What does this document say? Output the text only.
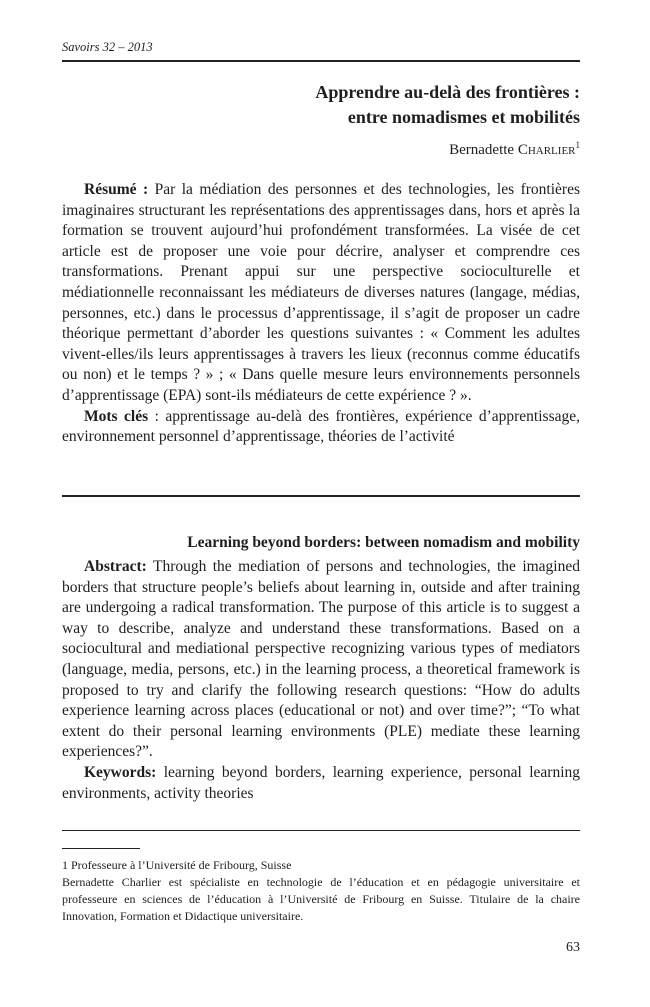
Savoirs 32 – 2013
Apprendre au-delà des frontières :
entre nomadismes et mobilités
Bernadette Charlier$^1$

Résumé : Par la médiation des personnes et des technologies, les frontières imaginaires structurant les représentations des apprentissages dans, hors et après la formation se trouvent aujourd’hui profondément transformées. La visée de cet article est de proposer une voie pour décrire, analyser et comprendre ces transformations. Prenant appui sur une perspective socioculturelle et médiationnelle reconnaissant les médiateurs de diverses natures (langage, médias, personnes, etc.) dans le processus d’apprentissage, il s’agit de proposer un cadre théorique permettant d’aborder les questions suivantes : « Comment les adultes vivent-elles/ils leurs apprentissages à travers les lieux (reconnus comme éducatifs ou non) et le temps ? » ; « Dans quelle mesure leurs environnements personnels d’apprentissage (EPA) sont-ils médiateurs de cette expérience ? ».

Mots clés : apprentissage au-delà des frontières, expérience d’apprentissage, environnement personnel d’apprentissage, théories de l’activité

Learning beyond borders: between nomadism and mobility

Abstract: Through the mediation of persons and technologies, the imagined borders that structure people’s beliefs about learning in, outside and after training are undergoing a radical transformation. The purpose of this article is to suggest a way to describe, analyze and understand these transformations. Based on a sociocultural and mediational perspective recognizing various types of mediators (language, media, persons, etc.) in the learning process, a theoretical framework is proposed to try and clarify the following research questions: “How do adults experience learning across places (educational or not) and over time?”; “To what extent do their personal learning environments (PLE) mediate these learning experiences?”.

Keywords: learning beyond borders, learning experience, personal learning environments, activity theories

1 Professeure à l’Université de Fribourg, Suisse
Bernadette Charlier est spécialiste en technologie de l’éducation et en pédagogie universitaire et professeure en sciences de l’éducation à l’Université de Fribourg en Suisse. Titulaire de la chaire Innovation, Formation et Didactique universitaire.
63
